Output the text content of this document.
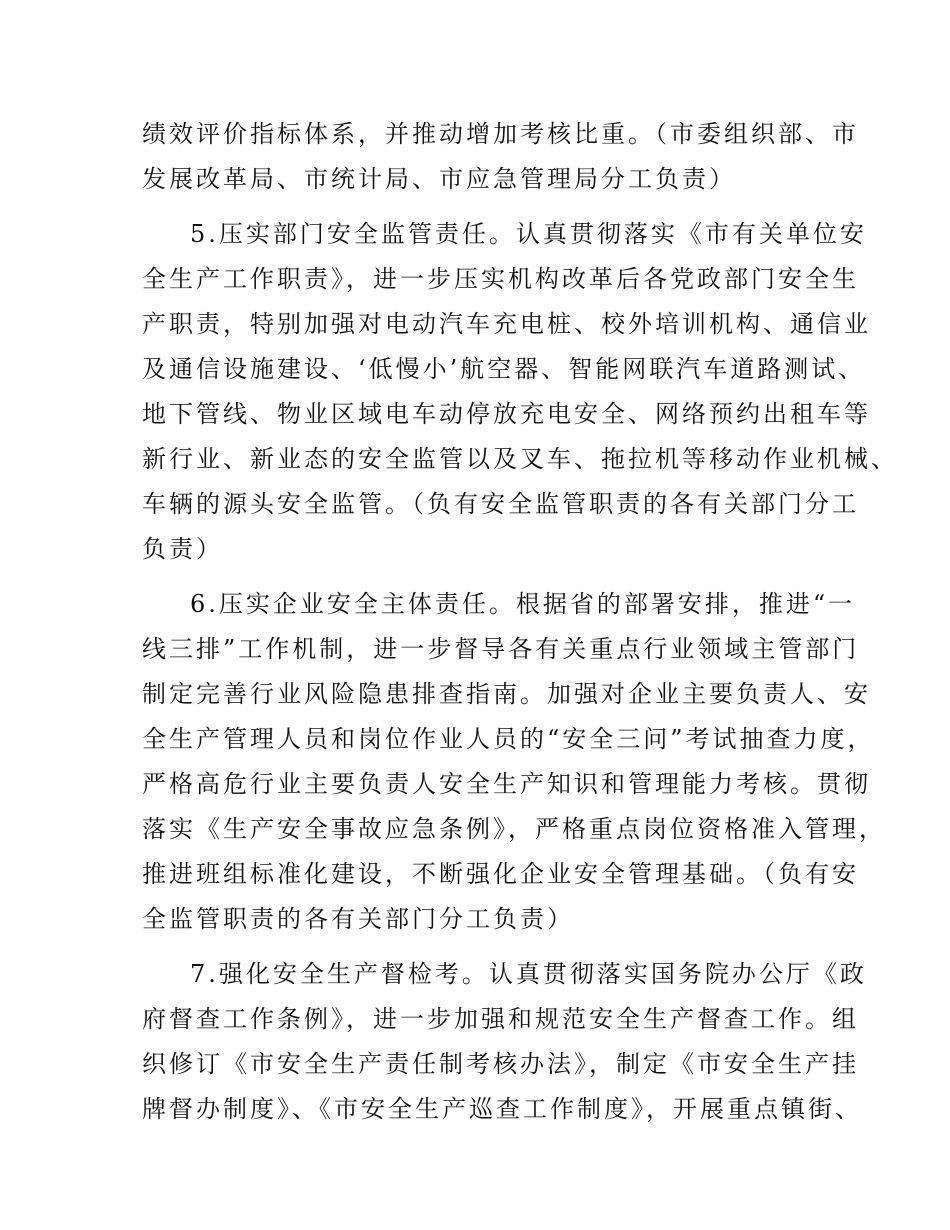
绩效评价指标体系，并推动增加考核比重。（市委组织部、市
发展改革局、市统计局、市应急管理局分工负责）
5.压实部门安全监管责任。认真贯彻落实《市有关单位安
全生产工作职责》，进一步压实机构改革后各党政部门安全生
产职责，特别加强对电动汽车充电桩、校外培训机构、通信业
及通信设施建设、‘低慢小’航空器、智能网联汽车道路测试、
地下管线、物业区域电车动停放充电安全、网络预约出租车等
新行业、新业态的安全监管以及叉车、拖拉机等移动作业机械、
车辆的源头安全监管。（负有安全监管职责的各有关部门分工
负责）
6.压实企业安全主体责任。根据省的部署安排，推进“一
线三排”工作机制，进一步督导各有关重点行业领域主管部门
制定完善行业风险隐患排查指南。加强对企业主要负责人、安
全生产管理人员和岗位作业人员的“安全三问”考试抽查力度，
严格高危行业主要负责人安全生产知识和管理能力考核。贯彻
落实《生产安全事故应急条例》，严格重点岗位资格准入管理，
推进班组标准化建设，不断强化企业安全管理基础。（负有安
全监管职责的各有关部门分工负责）
7.强化安全生产督检考。认真贯彻落实国务院办公厅《政
府督查工作条例》，进一步加强和规范安全生产督查工作。组
织修订《市安全生产责任制考核办法》，制定《市安全生产挂
牌督办制度》、《市安全生产巡查工作制度》，开展重点镇街、
